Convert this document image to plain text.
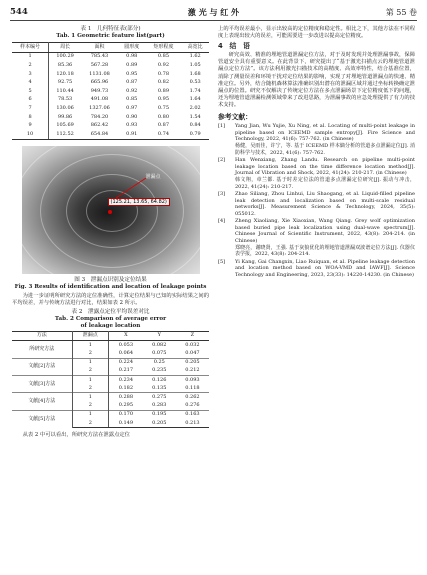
544	激 光 与 红 外	第 55 卷
表 1　几何特征表(部分)
Tab. 1 Geometric feature list(part)
样本编号	周长	面积	圆形度	矩形程度	高宽比
1	100.29	785.43	0.98	0.85	1.62
2	85.36	567.28	0.89	0.92	1.05
3	120.18	1131.08	0.95	0.78	1.68
4	92.75	665.96	0.87	0.82	0.53
5	110.44	949.73	0.92	0.89	1.74
6	78.53	491.08	0.85	0.95	1.64
7	130.06	1327.06	0.97	0.75	2.02
8	99.86	784.20	0.90	0.80	1.54
9	105.69	862.42	0.93	0.87	0.84
10	112.52	654.84	0.91	0.74	0.79
泄漏点
(125.21, 13.65, 64.82)
图 3　泄漏点识别及定位结果
Fig. 3 Results of identification and location of leakage points
为进一步证明所研究方法的定位准确性，计算定位结果与已知的实际结果之间的平均误差，并与传统方法进行对比，结果如表 2 所示。
表 2　泄露点定位平均误差对比
Tab. 2 Comparison of average error
of leakage location
方法	泄漏点	X	Y	Z
所研究方法	1	0.053	0.082	0.032
	2	0.064	0.075	0.047
文献[2]方法	1	0.224	0.25	0.205
	2	0.217	0.235	0.212
文献[3]方法	1	0.234	0.126	0.093
	2	0.182	0.135	0.118
文献[4]方法	1	0.288	0.275	0.262
	2	0.295	0.283	0.276
文献[5]方法	1	0.170	0.195	0.163
	2	0.149	0.205	0.213
从表 2 中可以看出，所研究方法在泄露点定位
上的平均误差最小，显示出较高的定位精度和稳定性。相比之下，其他方法在不同程度上表现出较大的误差，可能需要进一步改进以提高定位精度。
4　结　语
研究高效、精准的埋地管道泄漏定位方法，对于及时发现并处理泄漏事故，保障管道安全具有重要意义。在此背景下，研究提出了“基于激光扫描点云的埋地管道泄漏点定位方法”。该方法利用激光扫描技术的高精度、高效率特性，结合基准位置，消除了测量误差和环境干扰对定位结果的影响，实现了对埋地管道泄漏点的快速、精准定位。另外，结合随机森林算法准确识别出潜在的泄漏区域并通过坐标转换确定泄漏点的位置。研究不仅解决了传统定位方法在多点泄漏场景下定位精度低下的问题，还为埋地管道泄漏检测领域带来了改进思路，为泄漏事故的应急处理提供了有力的技术支持。
参考文献：
[1] Yang Jian, Wu Yujie, Xu Ning, et al. Locating of multi-point leakage in pipeline based on ICEEMD sample entropy[J]. Fire Science and Technology, 2022, 41(6): 757-762. (in Chinese)
杨健，吴雨佳，许宁，等. 基于 ICEEMD 样本熵分析的管道多点泄漏定位[J]. 消防科学与技术，2022, 41(6): 757-762.
[2] Han Wenxiang, Zhang Landu. Research on pipeline multi-point leakage location based on the time difference location method[J]. Journal of Vibration and Shock, 2022, 41(24): 210-217. (in Chinese)
韩文翔，章兰都. 基于时差定位法的管道多点泄漏定位研究[J]. 振动与冲击，2022, 41(24): 210-217.
[3] Zhao Siliang, Zhou Linhui, Liu Shaogang, et al. Liquid-filled pipeline leak detection and localization based on multi-scale residual networks[J]. Measurement Science & Technology, 2024, 35(5): 055012.
[4] Zheng Xiaoliang, Xie Xiaoxian, Wang Qiang. Grey wolf optimization based buried pipe leak localization using dual-wave spectrum[J]. Chinese Journal of Scientific Instrument, 2022, 43(8): 204-214. (in Chinese)
郑晓亮，谢晓贤，王强. 基于灰狼优化的埋地管道泄漏双波谱定位方法[J]. 仪器仪表学报，2022, 43(8): 204-214.
[5] Yi Kang, Gai Changxin, Liao Ruiquan, et al. Pipeline leakage detection and location method based on WOA-VMD and IAWF[J]. Science Technology and Engineering, 2023, 23(33): 14220-14230. (in Chinese)
